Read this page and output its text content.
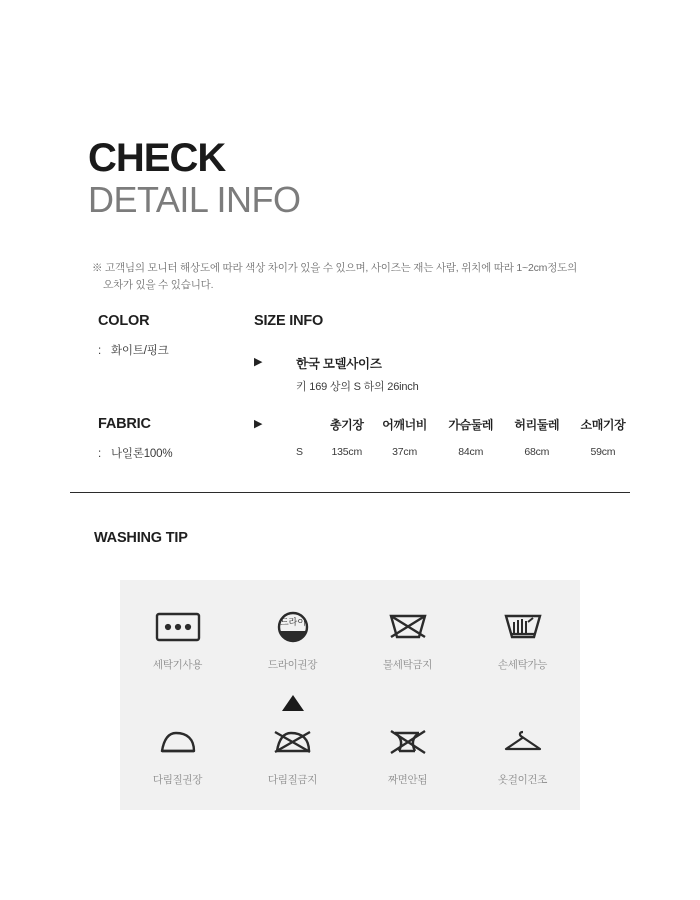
CHECK
DETAIL INFO
※ 고객님의 모니터 해상도에 따라 색상 차이가 있을 수 있으며, 사이즈는 재는 사람, 위치에 따라 1~2cm정도의
오차가 있을 수 있습니다.
COLOR
: 화이트/핑크
FABRIC
: 나일론100%
SIZE INFO
▶	한국 모델사이즈
키 169 상의 S 하의 26inch
▶
		총기장	어깨너비	가슴둘레	허리둘레	소매기장
S	135cm	37cm	84cm	68cm	59cm
WASHING TIP
세탁기사용
드라이
드라이권장	물세탁금지	손세탁가능
다림질권장	다림질금지	짜면안됨	옷걸이건조
